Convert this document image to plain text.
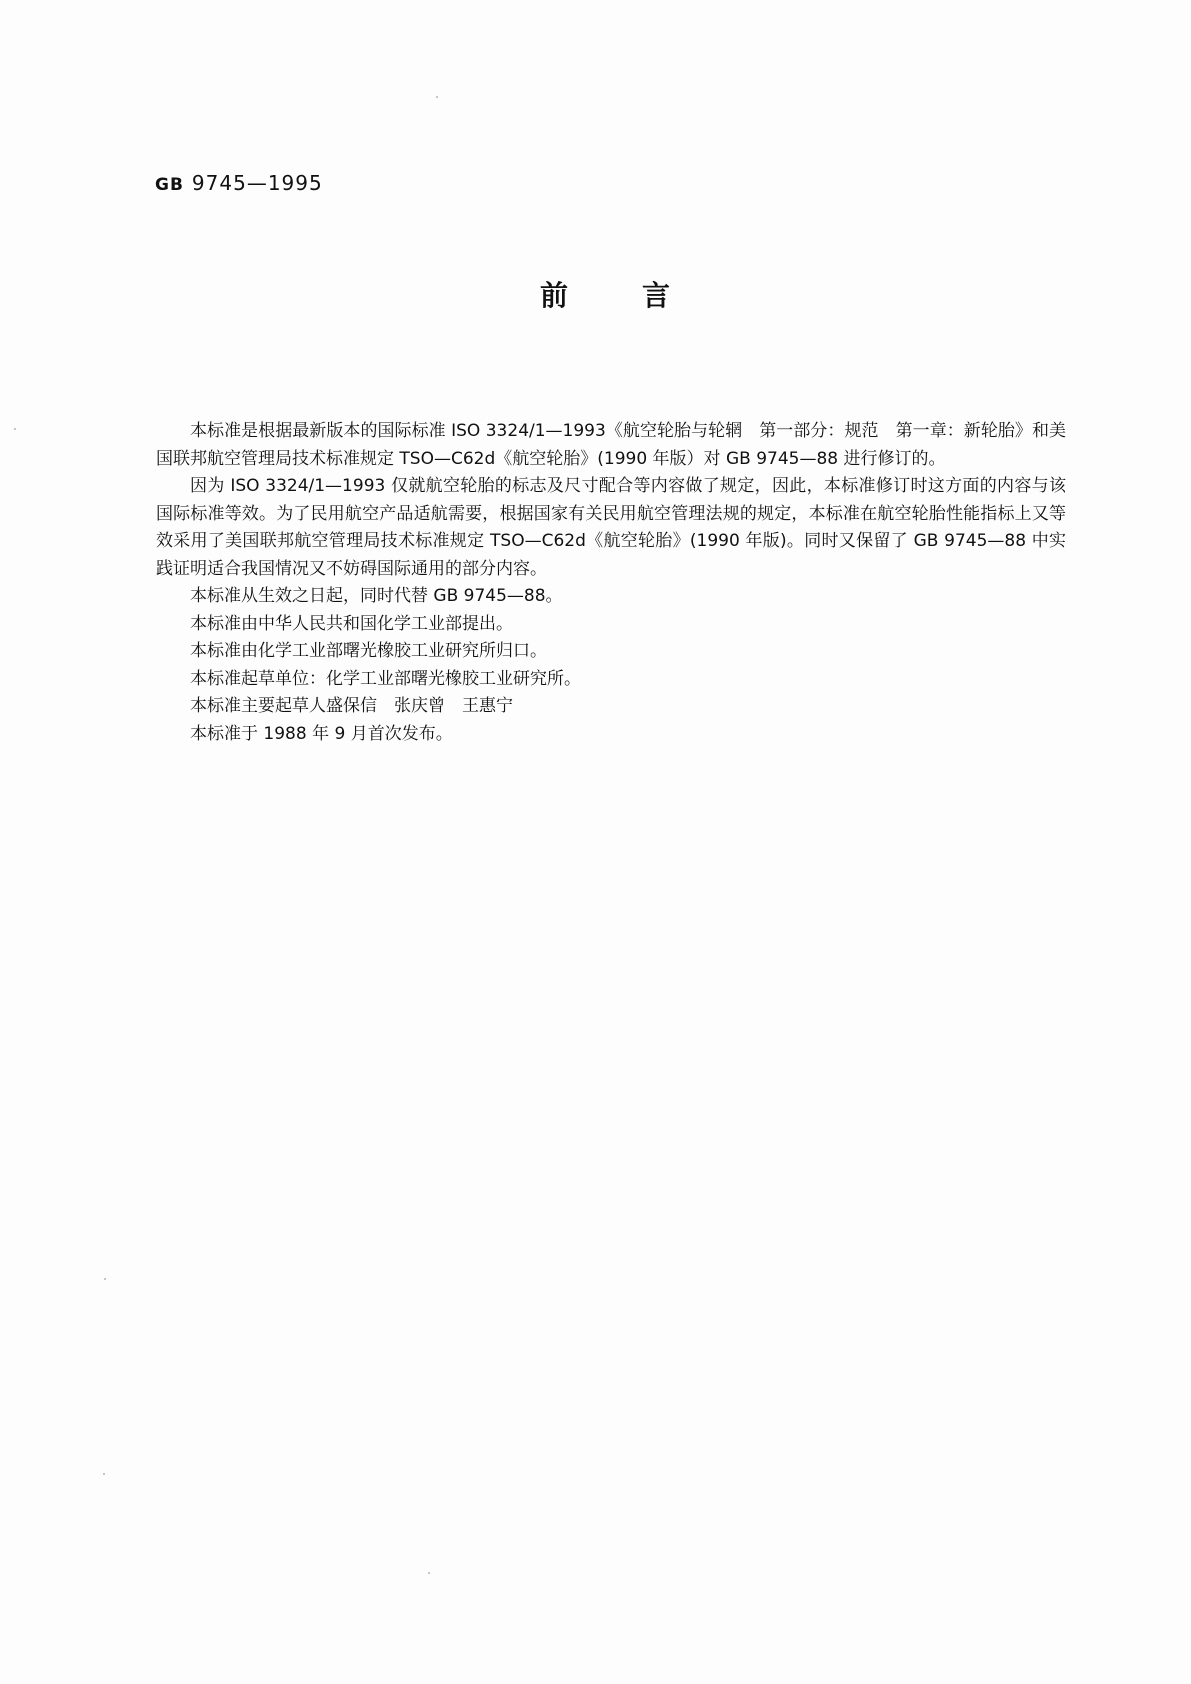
GB 9745—1995
前	言

本标准是根据最新版本的国际标准 ISO 3324/1—1993《航空轮胎与轮辋　第一部分：规范　第一章：新轮胎》和美国联邦航空管理局技术标准规定 TSO—C62d《航空轮胎》(1990 年版）对 GB 9745—88 进行修订的。

因为 ISO 3324/1—1993 仅就航空轮胎的标志及尺寸配合等内容做了规定，因此，本标准修订时这方面的内容与该国际标准等效。为了民用航空产品适航需要，根据国家有关民用航空管理法规的规定，本标准在航空轮胎性能指标上又等效采用了美国联邦航空管理局技术标准规定 TSO—C62d《航空轮胎》(1990 年版)。同时又保留了 GB 9745—88 中实践证明适合我国情况又不妨碍国际通用的部分内容。

本标准从生效之日起，同时代替 GB 9745—88。

本标准由中华人民共和国化学工业部提出。

本标准由化学工业部曙光橡胶工业研究所归口。

本标准起草单位：化学工业部曙光橡胶工业研究所。

本标准主要起草人盛保信　张庆曾　王惠宁

本标准于 1988 年 9 月首次发布。
